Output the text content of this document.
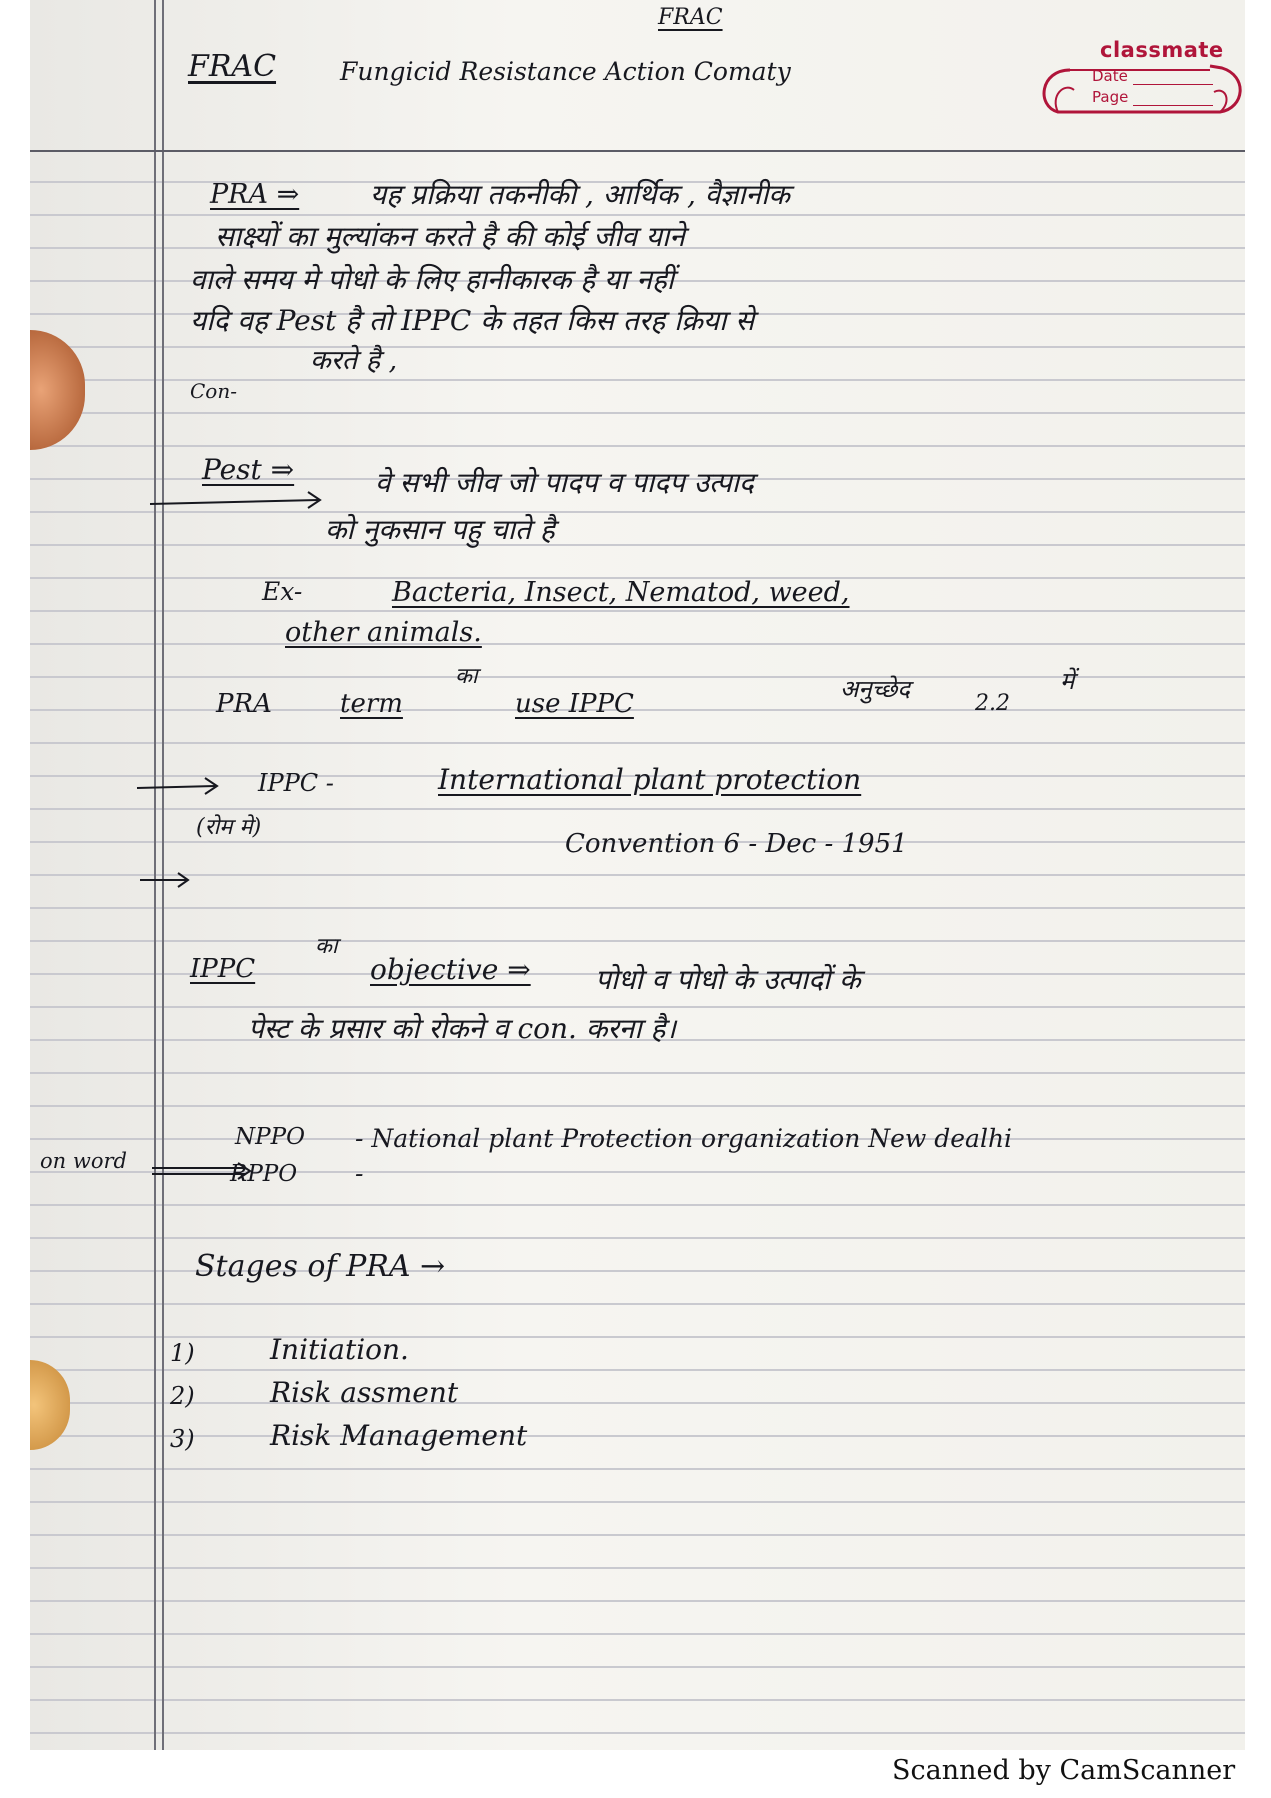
FRAC
FRAC	Fungicid Resistance Action Comaty
classmate
Date
Page
PRA ⇒	यह प्रक्रिया तकनीकी , आर्थिक , वैज्ञानीक
साक्ष्यों का मुल्यांकन करते है की कोई जीव याने
वाले समय मे पोधो के लिए हानीकारक है या नहीं
यदि वह Pest है तो IPPC के तहत किस तरह क्रिया से
करते है ,
Con-
Pest ⇒	वे सभी जीव जो पादप व पादप उत्पाद
को नुकसान पहु चाते है
Ex-	Bacteria, Insect, Nematod, weed,
other animals.
PRA	term
का
use IPPC	अनुच्छेद
2.2
में
IPPC -	International plant protection
(रोम मे)
Convention 6 - Dec - 1951
IPPC
का
objective ⇒ पोधो व पोधो के उत्पादों के
पेस्ट के प्रसार को रोकने व con. करना है।
on word
NPPO - National plant Protection organization New dealhi
RPPO -
Stages of PRA →
1)	Initiation.
2)	Risk assment
3)	Risk Management
Scanned by CamScanner
